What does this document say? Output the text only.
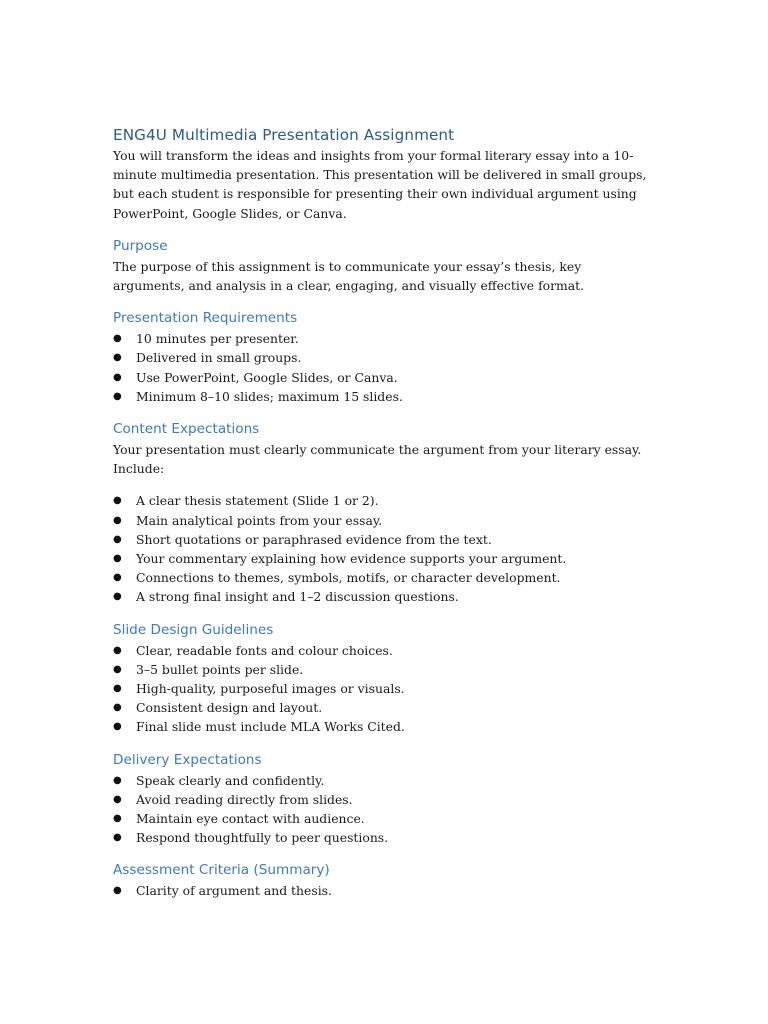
ENG4U Multimedia Presentation Assignment

You will transform the ideas and insights from your formal literary essay into a 10-minute multimedia presentation. This presentation will be delivered in small groups, but each student is responsible for presenting their own individual argument using PowerPoint, Google Slides, or Canva.

Purpose

The purpose of this assignment is to communicate your essay’s thesis, key arguments, and analysis in a clear, engaging, and visually effective format.

Presentation Requirements
● 10 minutes per presenter.
● Delivered in small groups.
● Use PowerPoint, Google Slides, or Canva.
● Minimum 8–10 slides; maximum 15 slides.
Content Expectations

Your presentation must clearly communicate the argument from your literary essay. Include:

● A clear thesis statement (Slide 1 or 2).
● Main analytical points from your essay.
● Short quotations or paraphrased evidence from the text.
● Your commentary explaining how evidence supports your argument.
● Connections to themes, symbols, motifs, or character development.
● A strong final insight and 1–2 discussion questions.
Slide Design Guidelines
● Clear, readable fonts and colour choices.
● 3–5 bullet points per slide.
● High-quality, purposeful images or visuals.
● Consistent design and layout.
● Final slide must include MLA Works Cited.
Delivery Expectations
● Speak clearly and confidently.
● Avoid reading directly from slides.
● Maintain eye contact with audience.
● Respond thoughtfully to peer questions.
Assessment Criteria (Summary)
● Clarity of argument and thesis.
